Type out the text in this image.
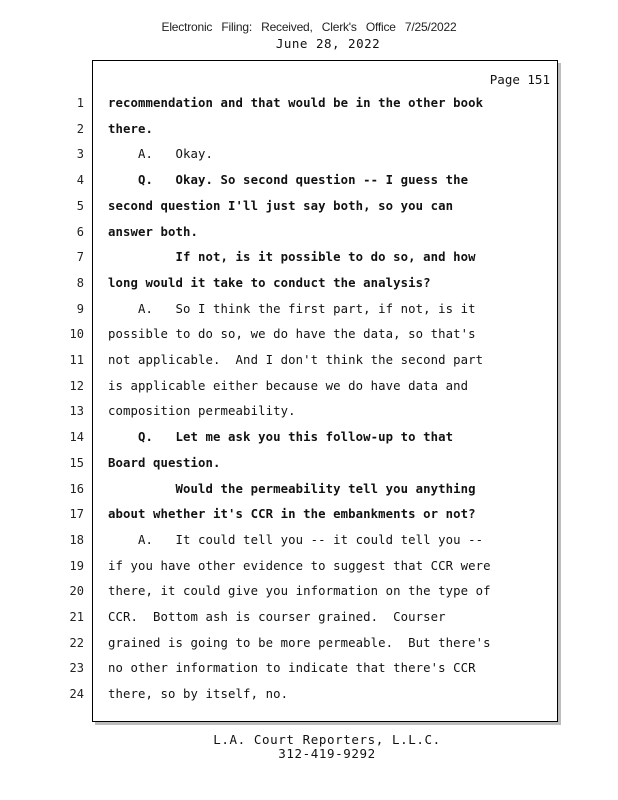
Electronic Filing: Received, Clerk's Office 7/25/2022
June 28, 2022
Page 151
1 recommendation and that would be in the other book
2 there.
3 A.   Okay.
4 Q.   Okay. So second question -- I guess the
5 second question I'll just say both, so you can
6 answer both.
7 If not, is it possible to do so, and how
8 long would it take to conduct the analysis?
9 A.   So I think the first part, if not, is it
10 possible to do so, we do have the data, so that's
11 not applicable.  And I don't think the second part
12 is applicable either because we do have data and
13 composition permeability.
14 Q.   Let me ask you this follow-up to that
15 Board question.
16 Would the permeability tell you anything
17 about whether it's CCR in the embankments or not?
18 A.   It could tell you -- it could tell you --
19 if you have other evidence to suggest that CCR were
20 there, it could give you information on the type of
21 CCR.  Bottom ash is courser grained.  Courser
22 grained is going to be more permeable.  But there's
23 no other information to indicate that there's CCR
24 there, so by itself, no.
L.A. Court Reporters, L.L.C.
312-419-9292
